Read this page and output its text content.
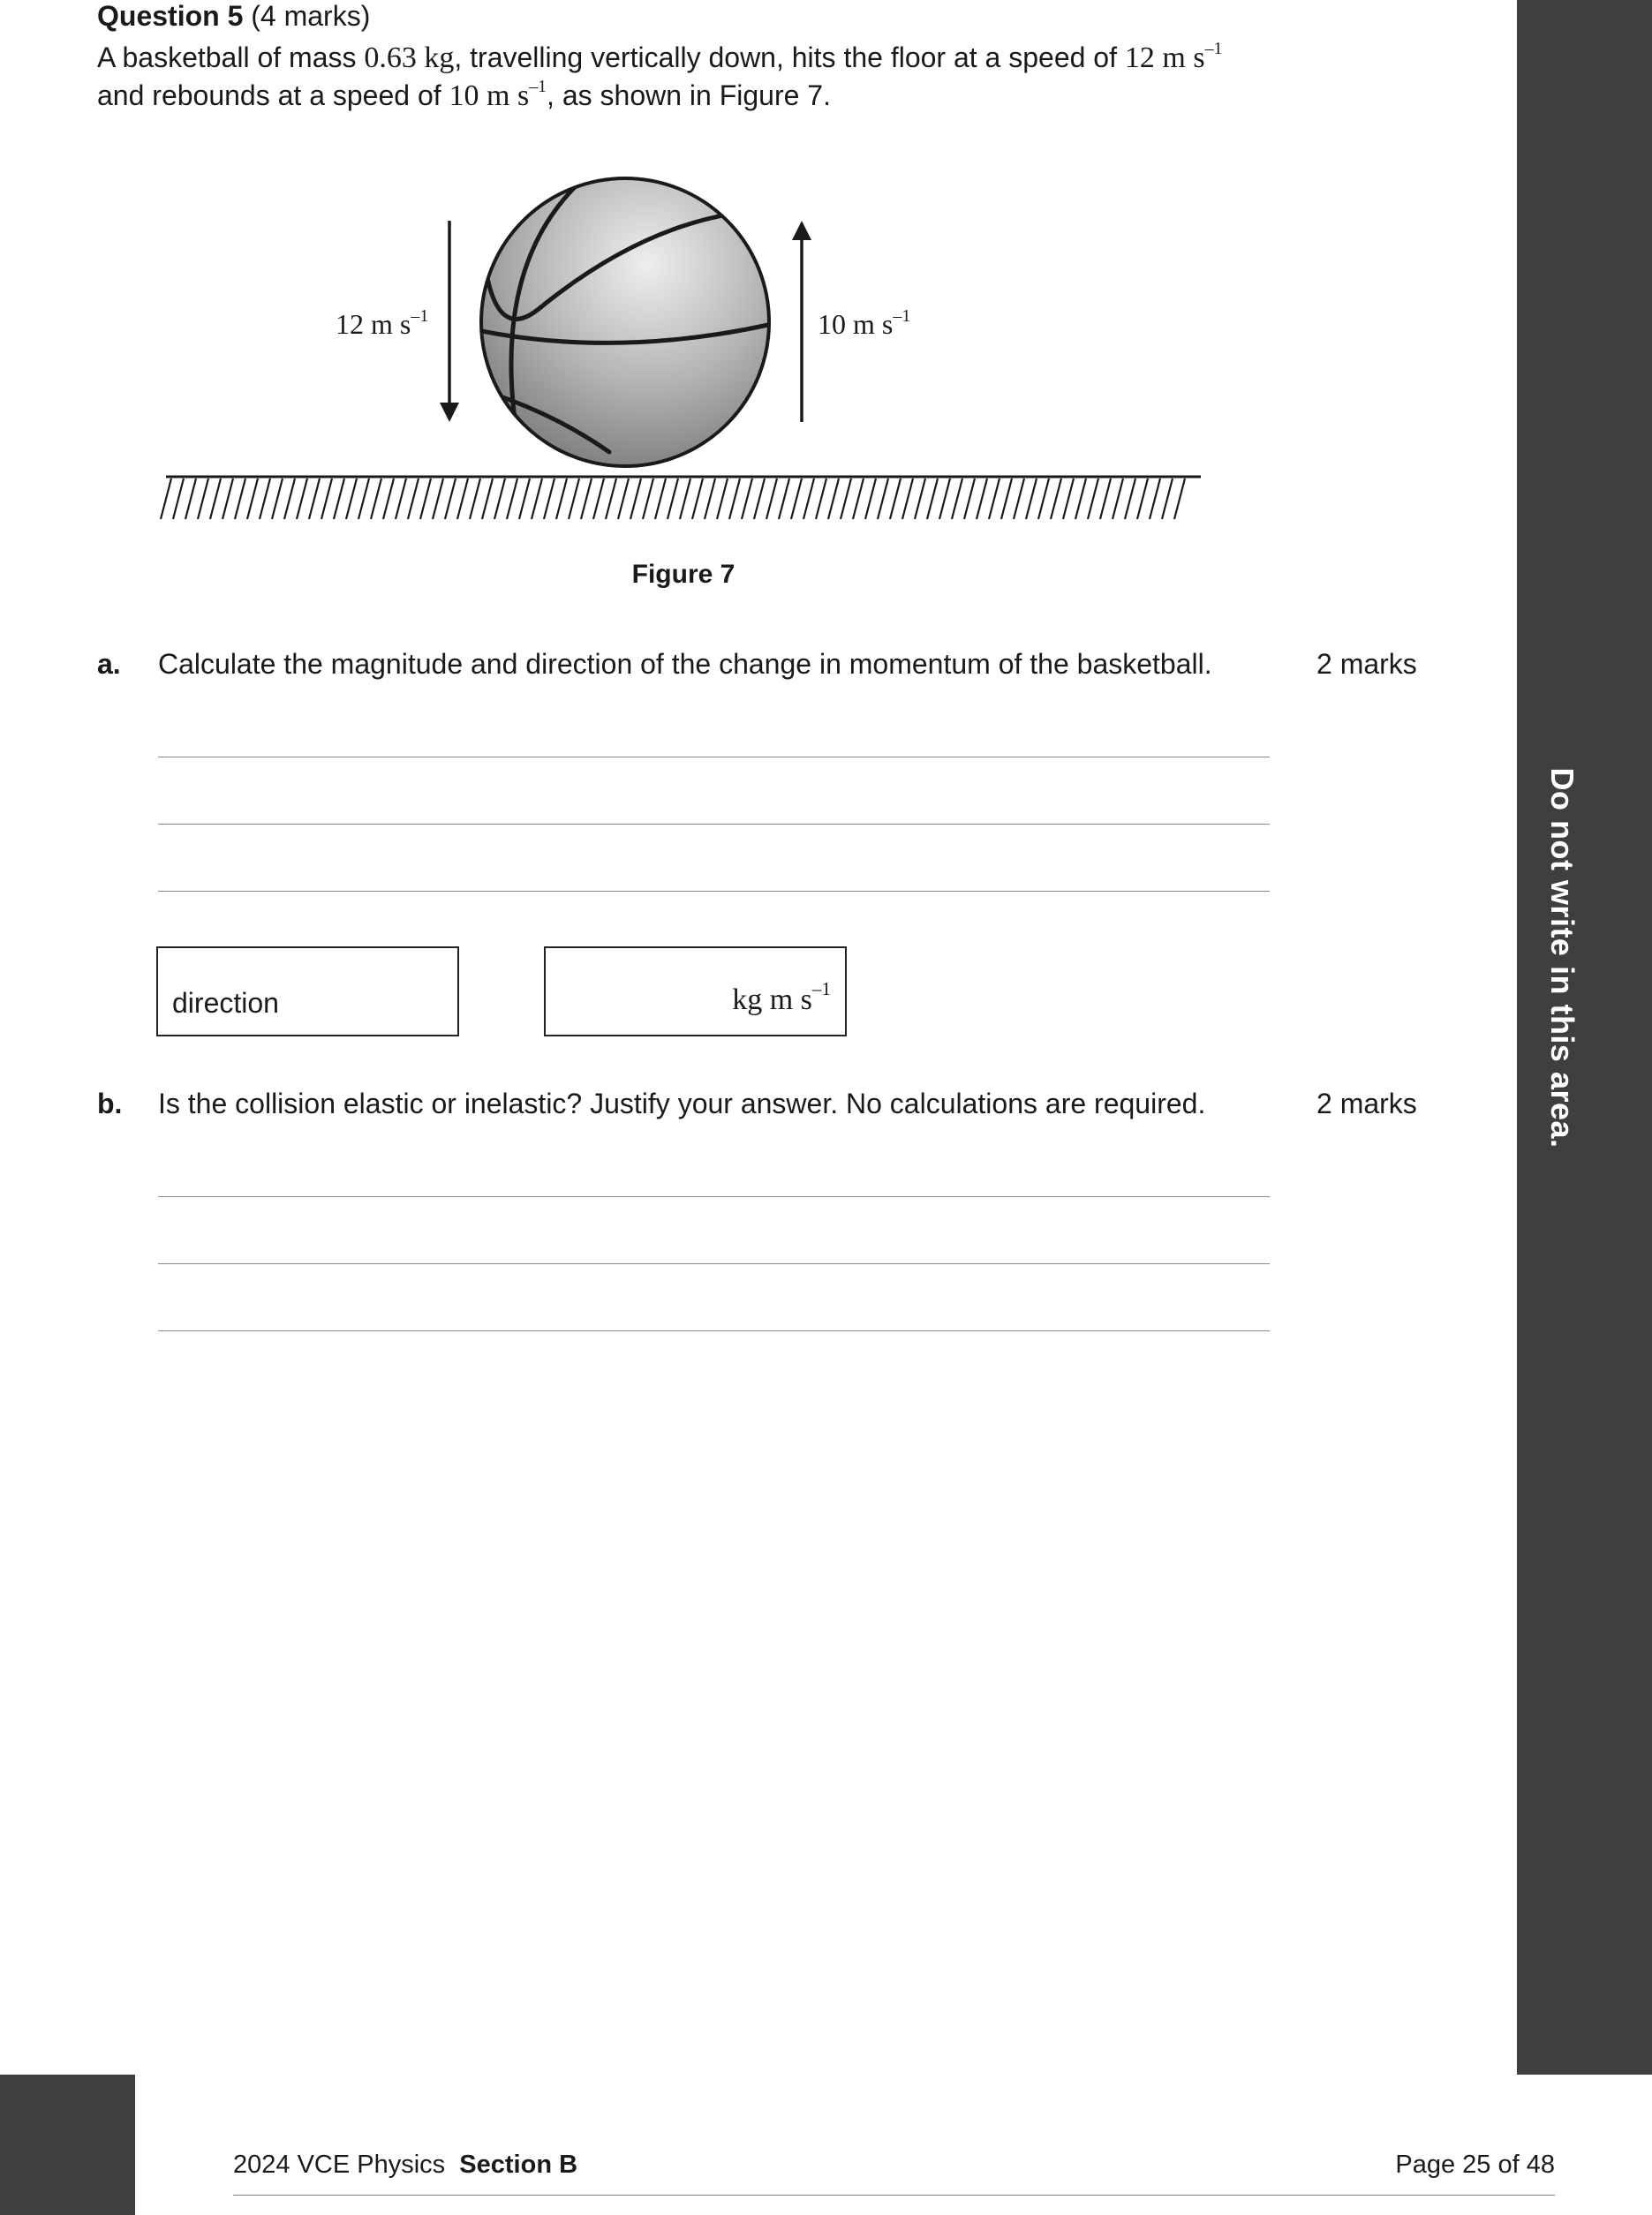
Do not write in this area.
Question 5 (4 marks)
A basketball of mass 0.63 kg, travelling vertically down, hits the floor at a speed of 12 m $s^{-1}$
and rebounds at a speed of 10 m $s^{-1}$, as shown in Figure 7.
12 m $s^{-1}$	10 m $s^{-1}$
Figure 7
a. Calculate the magnitude and direction of the change in momentum of the basketball.	2 marks
direction	kg m $s^{-1}$
b. Is the collision elastic or inelastic? Justify your answer. No calculations are required.	2 marks
2024 VCE Physics Section B	Page 25 of 48
